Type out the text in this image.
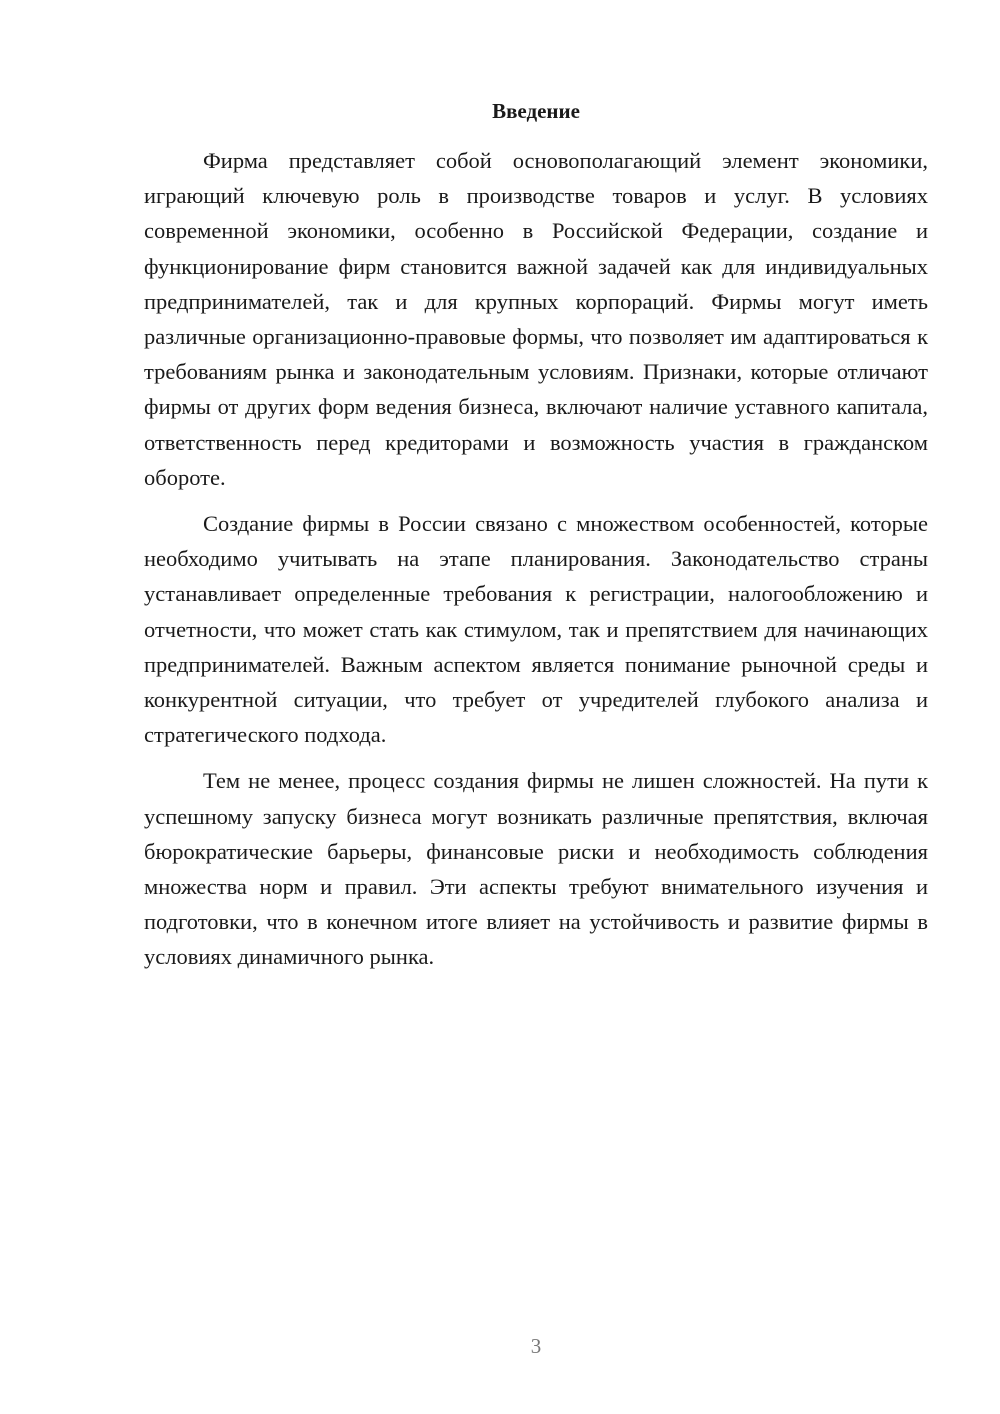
Введение

Фирма представляет собой основополагающий элемент экономики, играющий ключевую роль в производстве товаров и услуг. В условиях современной экономики, особенно в Российской Федерации, создание и функционирование фирм становится важной задачей как для индивидуальных предпринимателей, так и для крупных корпораций. Фирмы могут иметь различные организационно-правовые формы, что позволяет им адаптироваться к требованиям рынка и законодательным условиям. Признаки, которые отличают фирмы от других форм ведения бизнеса, включают наличие уставного капитала, ответственность перед кредиторами и возможность участия в гражданском обороте.

Создание фирмы в России связано с множеством особенностей, которые необходимо учитывать на этапе планирования. Законодательство страны устанавливает определенные требования к регистрации, налогообложению и отчетности, что может стать как стимулом, так и препятствием для начинающих предпринимателей. Важным аспектом является понимание рыночной среды и конкурентной ситуации, что требует от учредителей глубокого анализа и стратегического подхода.

Тем не менее, процесс создания фирмы не лишен сложностей. На пути к успешному запуску бизнеса могут возникать различные препятствия, включая бюрократические барьеры, финансовые риски и необходимость соблюдения множества норм и правил. Эти аспекты требуют внимательного изучения и подготовки, что в конечном итоге влияет на устойчивость и развитие фирмы в условиях динамичного рынка.

3
